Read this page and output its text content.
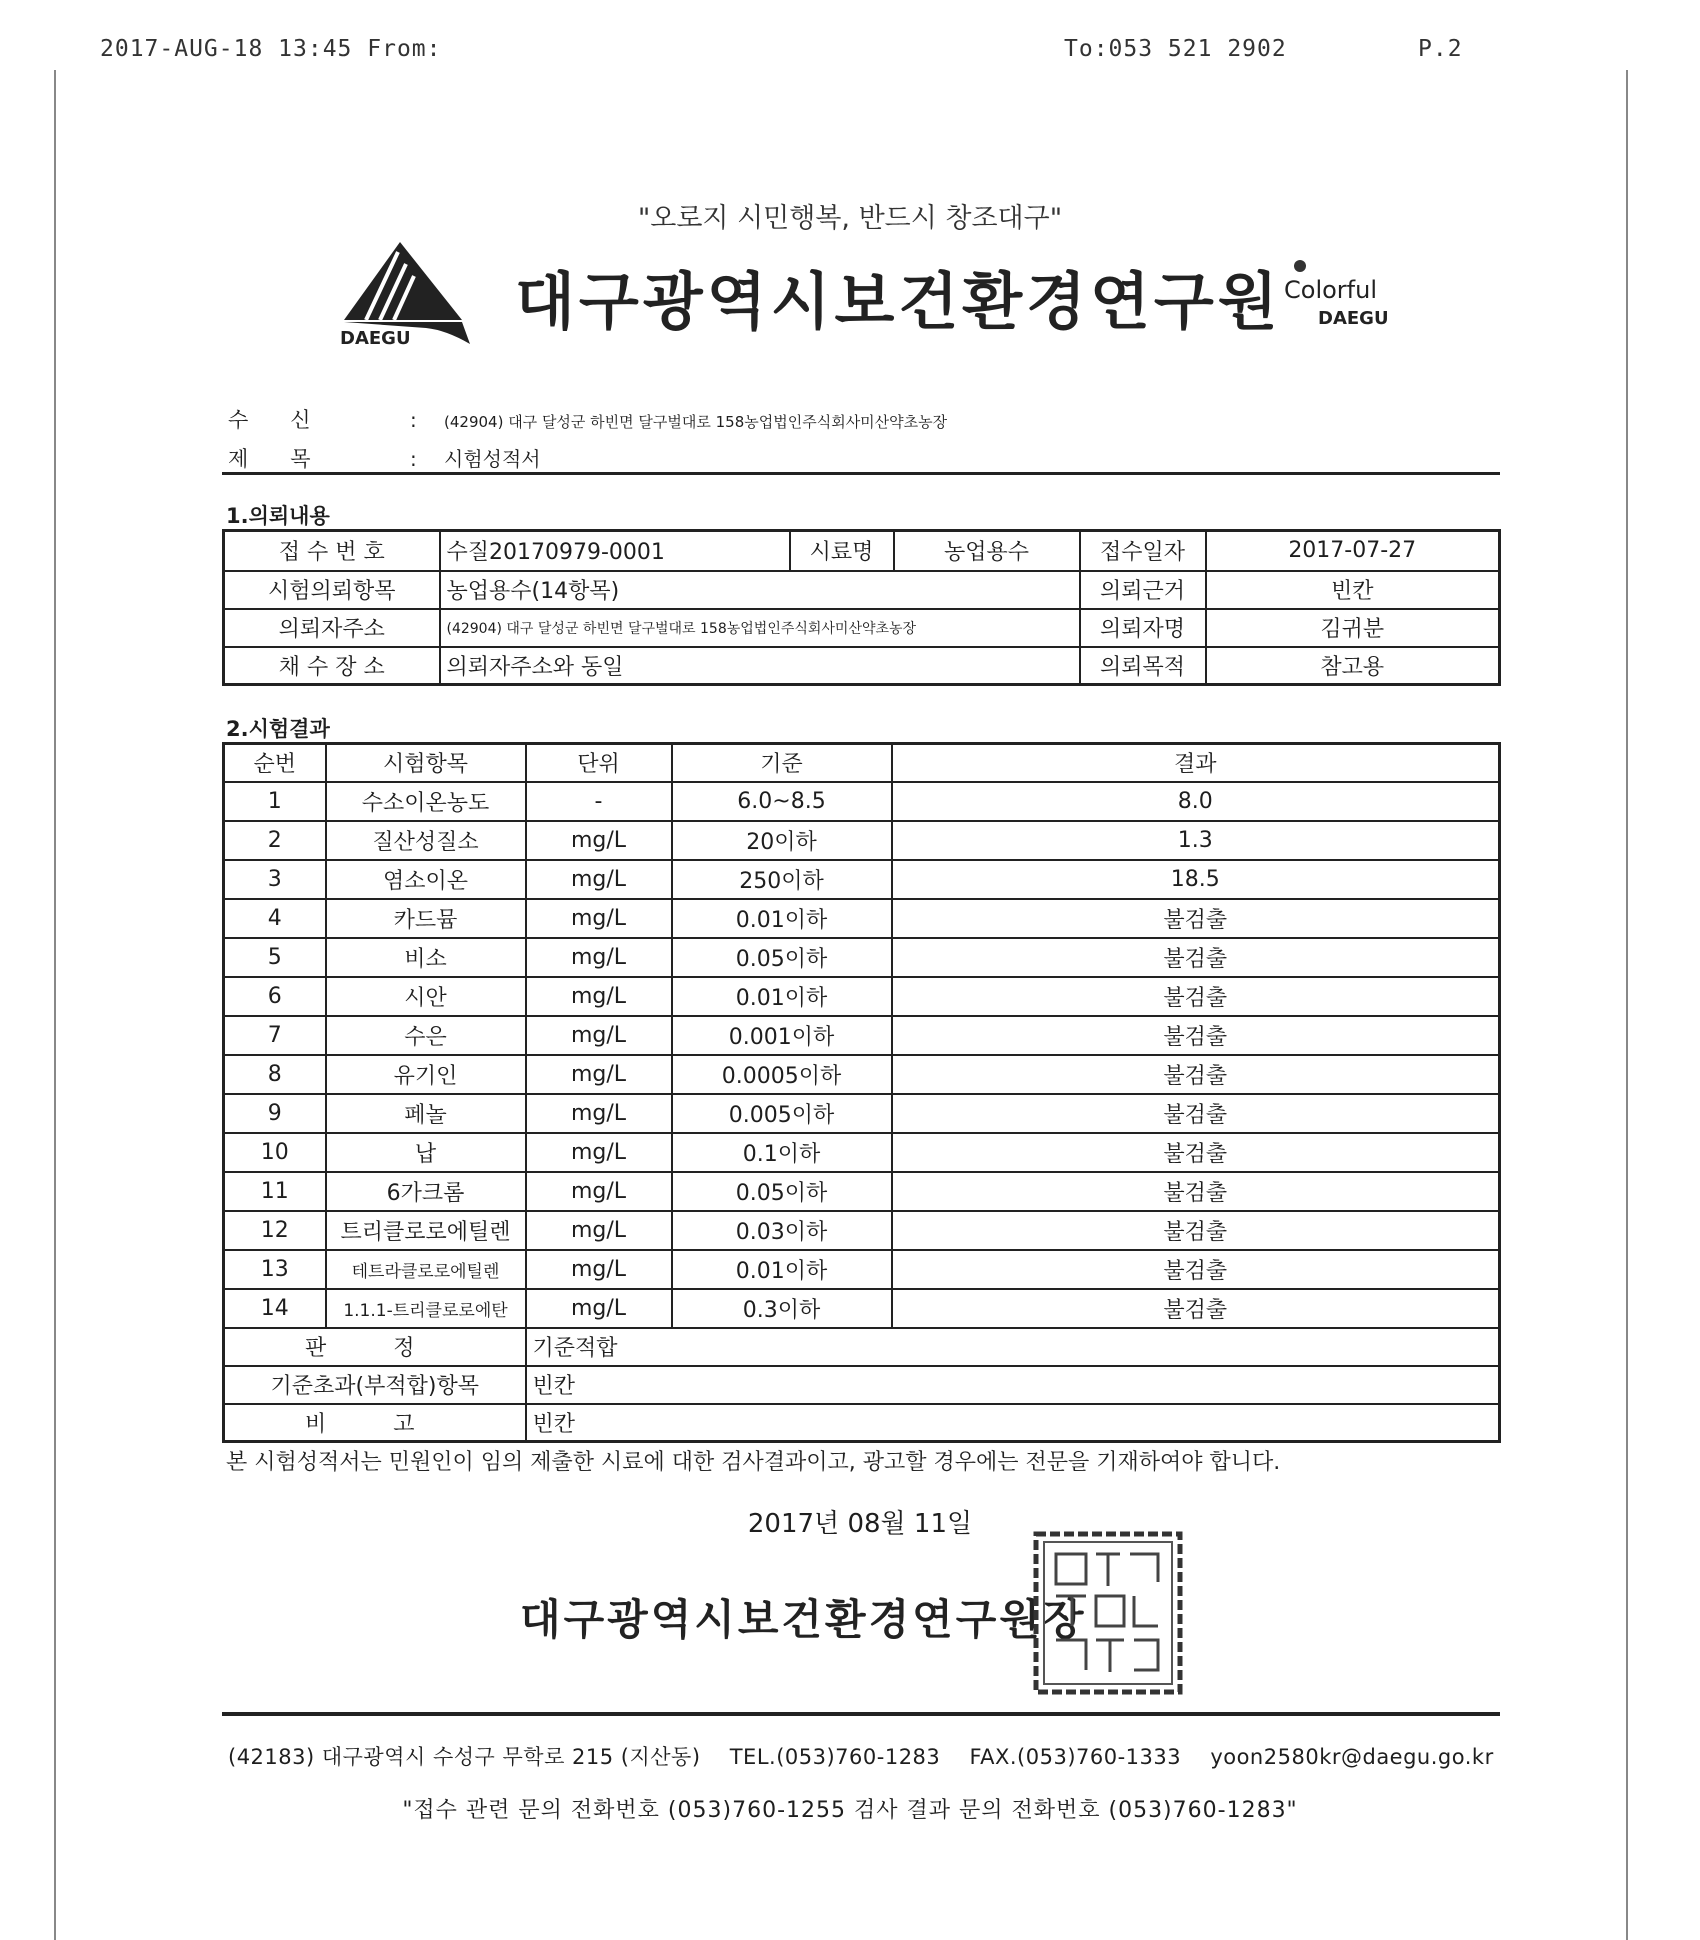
2017-AUG-18 13:45 From:	To:053 521 2902	P.2
"오로지 시민행복, 반드시 창조대구"
DAEGU
대구광역시보건환경연구원 Colorful
DAEGU
수신	: (42904) 대구 달성군 하빈면 달구벌대로 158농업법인주식회사미산약초농장
제목	: 시험성적서
1.의뢰내용
접 수 번 호	수질20170979-0001	시료명	농업용수	접수일자	2017-07-27
시험의뢰항목	농업용수(14항목)			의뢰근거	빈칸
의뢰자주소	(42904) 대구 달성군 하빈면 달구벌대로 158농업법인주식회사미산약초농장			의뢰자명	김귀분
채 수 장 소	의뢰자주소와 동일			의뢰목적	참고용
2.시험결과
순번	시험항목	단위	기준	결과
1	수소이온농도	-	6.0~8.5	8.0
2	질산성질소	mg/L	20이하	1.3
3	염소이온	mg/L	250이하	18.5
4	카드뮴	mg/L	0.01이하	불검출
5	비소	mg/L	0.05이하	불검출
6	시안	mg/L	0.01이하	불검출
7	수은	mg/L	0.001이하	불검출
8	유기인	mg/L	0.0005이하	불검출
9	페놀	mg/L	0.005이하	불검출
10	납	mg/L	0.1이하	불검출
11	6가크롬	mg/L	0.05이하	불검출
12	트리클로로에틸렌	mg/L	0.03이하	불검출
13	테트라클로로에틸렌	mg/L	0.01이하	불검출
14	1.1.1-트리클로로에탄	mg/L	0.3이하	불검출
판 정		기준적합		
기준초과(부적합)항목		빈칸		
비 고		빈칸		
본 시험성적서는 민원인이 임의 제출한 시료에 대한 검사결과이고, 광고할 경우에는 전문을 기재하여야 합니다.
2017년 08월 11일
대구광역시보건환경연구원장
(42183) 대구광역시 수성구 무학로 215 (지산동) TEL.(053)760-1283 FAX.(053)760-1333 yoon2580kr@daegu.go.kr
"접수 관련 문의 전화번호 (053)760-1255 검사 결과 문의 전화번호 (053)760-1283"
